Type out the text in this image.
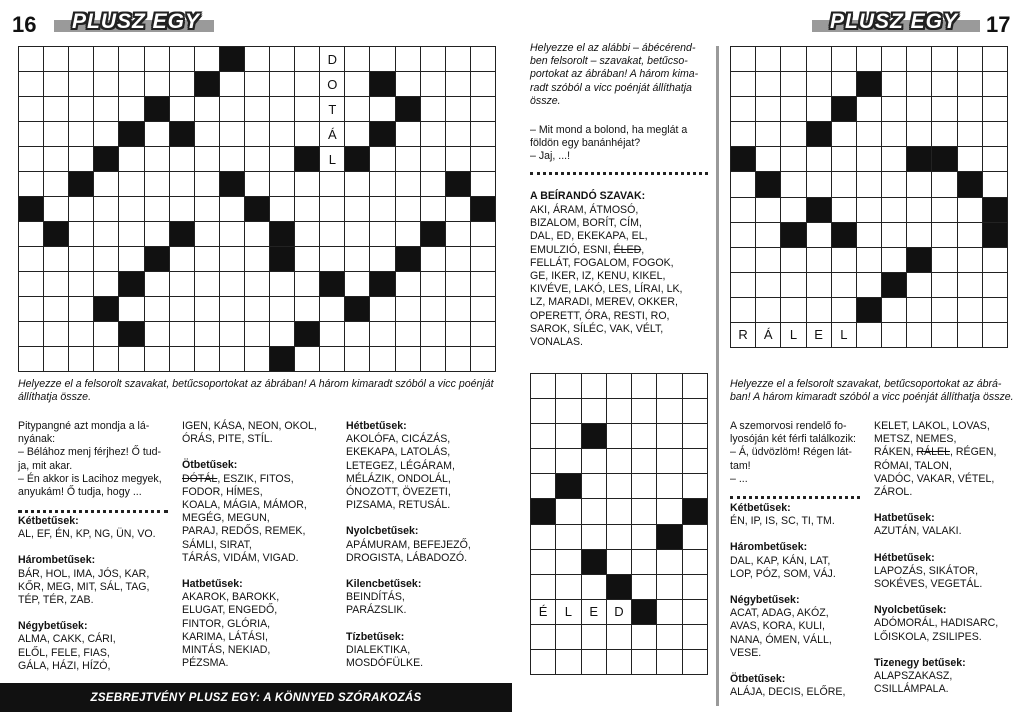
16 PLUSZ EGY	PLUSZ EGY 17
D
O
T
Á
L
É	L	E	D
R	Á	L	E	L
Helyezze el a felsorolt szavakat, betűcsoportokat az ábrában! A három kimaradt szóból a vicc poénját állíthatja össze.

Pitypangné azt mondja a lá-

nyának:

– Bélához menj férjhez! Ő tud-

ja, mit akar.

– Én akkor is Lacihoz megyek,

anyukám! Ő tudja, hogy ...

Kétbetűsek:

AL, EF, ÉN, KP, NG, ÜN, VO.

Hárombetűsek:

BÁR, HOL, IMA, JÓS, KAR,

KŐR, MEG, MIT, SÁL, TAG,

TÉP, TÉR, ZAB.

Négybetűsek:

ALMA, CAKK, CÁRI,

ELŐL, FELE, FIAS,

GÁLA, HÁZI, HÍZÓ,

IGEN, KÁSA, NEON, OKOL,

ÓRÁS, PITE, STÍL.

Ötbetűsek:

DÓTÁL, ESZIK, FITOS,

FODOR, HÍMES,

KOALA, MÁGIA, MÁMOR,

MEGÉG, MEGUN,

PARAJ, REDŐS, REMEK,

SÁMLI, SIRAT,

TÁRÁS, VIDÁM, VIGAD.

Hatbetűsek:

AKAROK, BAROKK,

ELUGAT, ENGEDŐ,

FINTOR, GLÓRIA,

KARIMA, LÁTÁSI,

MINTÁS, NEKIAD,

PÉZSMA.

Hétbetűsek:

AKOLÓFA, CICÁZÁS,

EKEKAPA, LATOLÁS,

LETEGEZ, LÉGÁRAM,

MÉLÁZIK, ONDOLÁL,

ÓNOZOTT, ÖVEZETI,

PIZSAMA, RETUSÁL.

Nyolcbetűsek:

APÁMURAM, BEFEJEZŐ,

DROGISTA, LÁBADOZÓ.

Kilencbetűsek:

BEINDÍTÁS,

PARÁZSLIK.

Tízbetűsek:

DIALEKTIKA,

MOSDÓFÜLKE.

ZSEBREJTVÉNY PLUSZ EGY: A KÖNNYED SZÓRAKOZÁS

Helyezze el az alábbi – ábécérend-

ben felsorolt – szavakat, betűcso-

portokat az ábrában! A három kima-

radt szóból a vicc poénját állíthatja

össze.

– Mit mond a bolond, ha meglát a

földön egy banánhéjat?

– Jaj, ...!

A BEÍRANDÓ SZAVAK:

AKI, ÁRAM, ÁTMOSÓ,

BIZALOM, BORÍT, CÍM,

DAL, ED, EKEKAPA, EL,

EMULZIÓ, ESNI, ÉLED,

FELLÁT, FOGALOM, FOGOK,

GE, IKER, IZ, KENU, KIKEL,

KIVÉVE, LAKÓ, LES, LÍRAI, LK,

LZ, MARADI, MEREV, OKKER,

OPERETT, ÓRA, RESTI, RO,

SAROK, SÍLÉC, VAK, VÉLT,

VONALAS.

Helyezze el a felsorolt szavakat, betűcsoportokat az ábrá-

ban! A három kimaradt szóból a vicc poénját állíthatja össze.

A szemorvosi rendelő fo-

lyosóján két férfi találkozik:

– Á, üdvözlöm! Régen lát-

tam!

– ...

Kétbetűsek:

ÉN, IP, IS, SC, TI, TM.

Hárombetűsek:

DAL, KAP, KÁN, LAT,

LOP, PÓZ, SOM, VÁJ.

Négybetűsek:

ACAT, ADAG, AKÓZ,

AVAS, KORA, KULI,

NANA, ÓMEN, VÁLL,

VESE.

Ötbetűsek:

ALÁJA, DECIS, ELŐRE,

KELET, LAKOL, LOVAS,

METSZ, NEMES,

RÁKEN, RÁLEL, RÉGEN,

RÓMAI, TALON,

VADÓC, VAKAR, VÉTEL,

ZÁROL.

Hatbetűsek:

AZUTÁN, VALAKI.

Hétbetűsek:

LAPOZÁS, SIKÁTOR,

SOKÉVES, VEGETÁL.

Nyolcbetűsek:

ADÓMORÁL, HADISARC,

LŐISKOLA, ZSILIPES.

Tizenegy betűsek:

ALAPSZAKASZ,

CSILLÁMPALA.
